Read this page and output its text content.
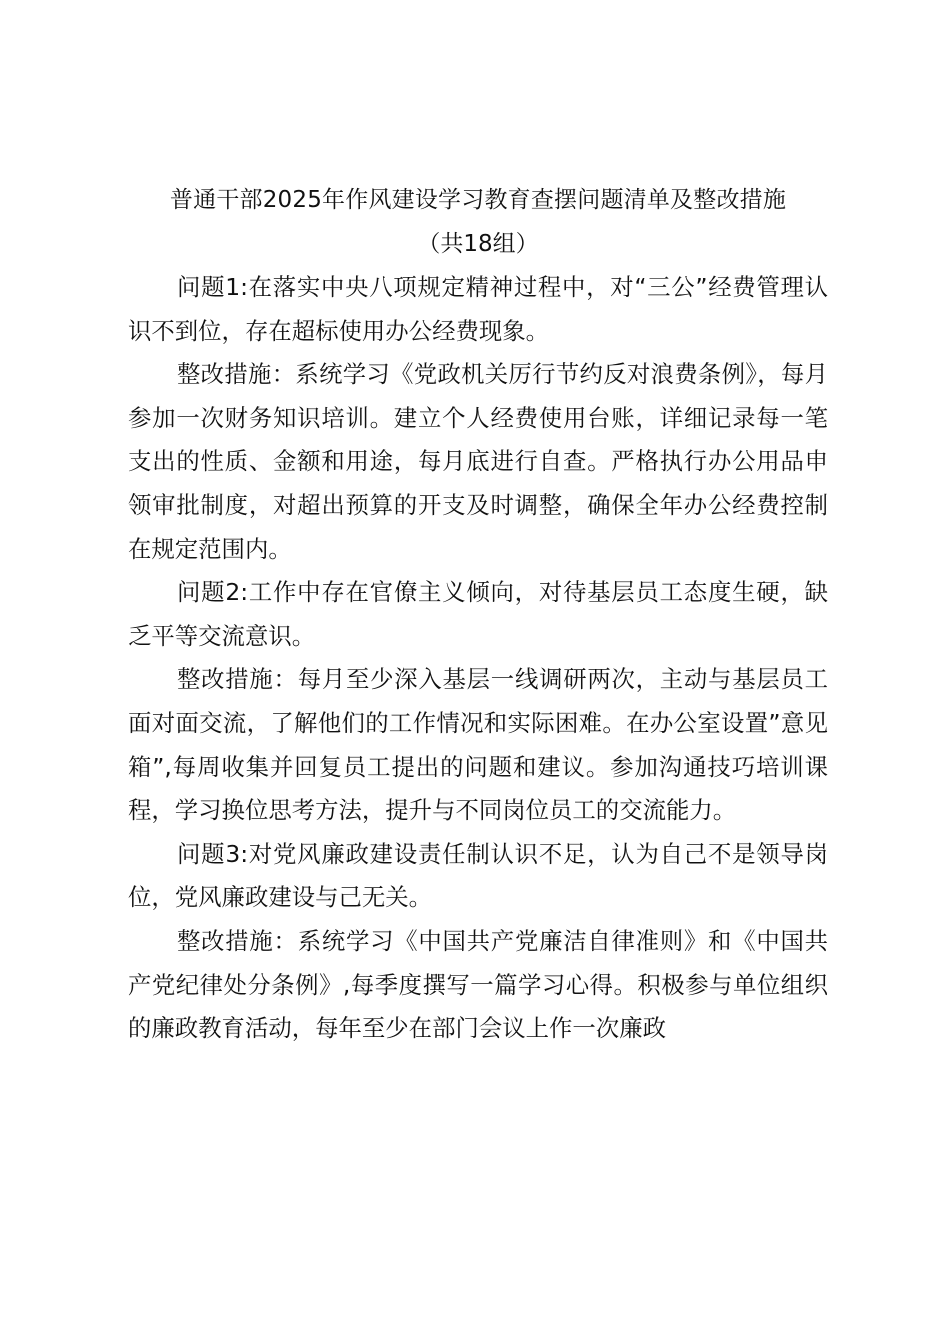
普通干部2025年作风建设学习教育查摆问题清单及整改措施
（共18组）

问题1:在落实中央八项规定精神过程中，对“三公”经费管理认识不到位，存在超标使用办公经费现象。

整改措施：系统学习《党政机关厉行节约反对浪费条例》，每月参加一次财务知识培训。建立个人经费使用台账，详细记录每一笔支出的性质、金额和用途，每月底进行自查。严格执行办公用品申领审批制度，对超出预算的开支及时调整，确保全年办公经费控制在规定范围内。

问题2:工作中存在官僚主义倾向，对待基层员工态度生硬，缺乏平等交流意识。

整改措施：每月至少深入基层一线调研两次，主动与基层员工面对面交流，了解他们的工作情况和实际困难。在办公室设置”意见箱”,每周收集并回复员工提出的问题和建议。参加沟通技巧培训课程，学习换位思考方法，提升与不同岗位员工的交流能力。

问题3:对党风廉政建设责任制认识不足，认为自己不是领导岗位，党风廉政建设与己无关。

整改措施：系统学习《中国共产党廉洁自律准则》和《中国共产党纪律处分条例》,每季度撰写一篇学习心得。积极参与单位组织的廉政教育活动，每年至少在部门会议上作一次廉政
